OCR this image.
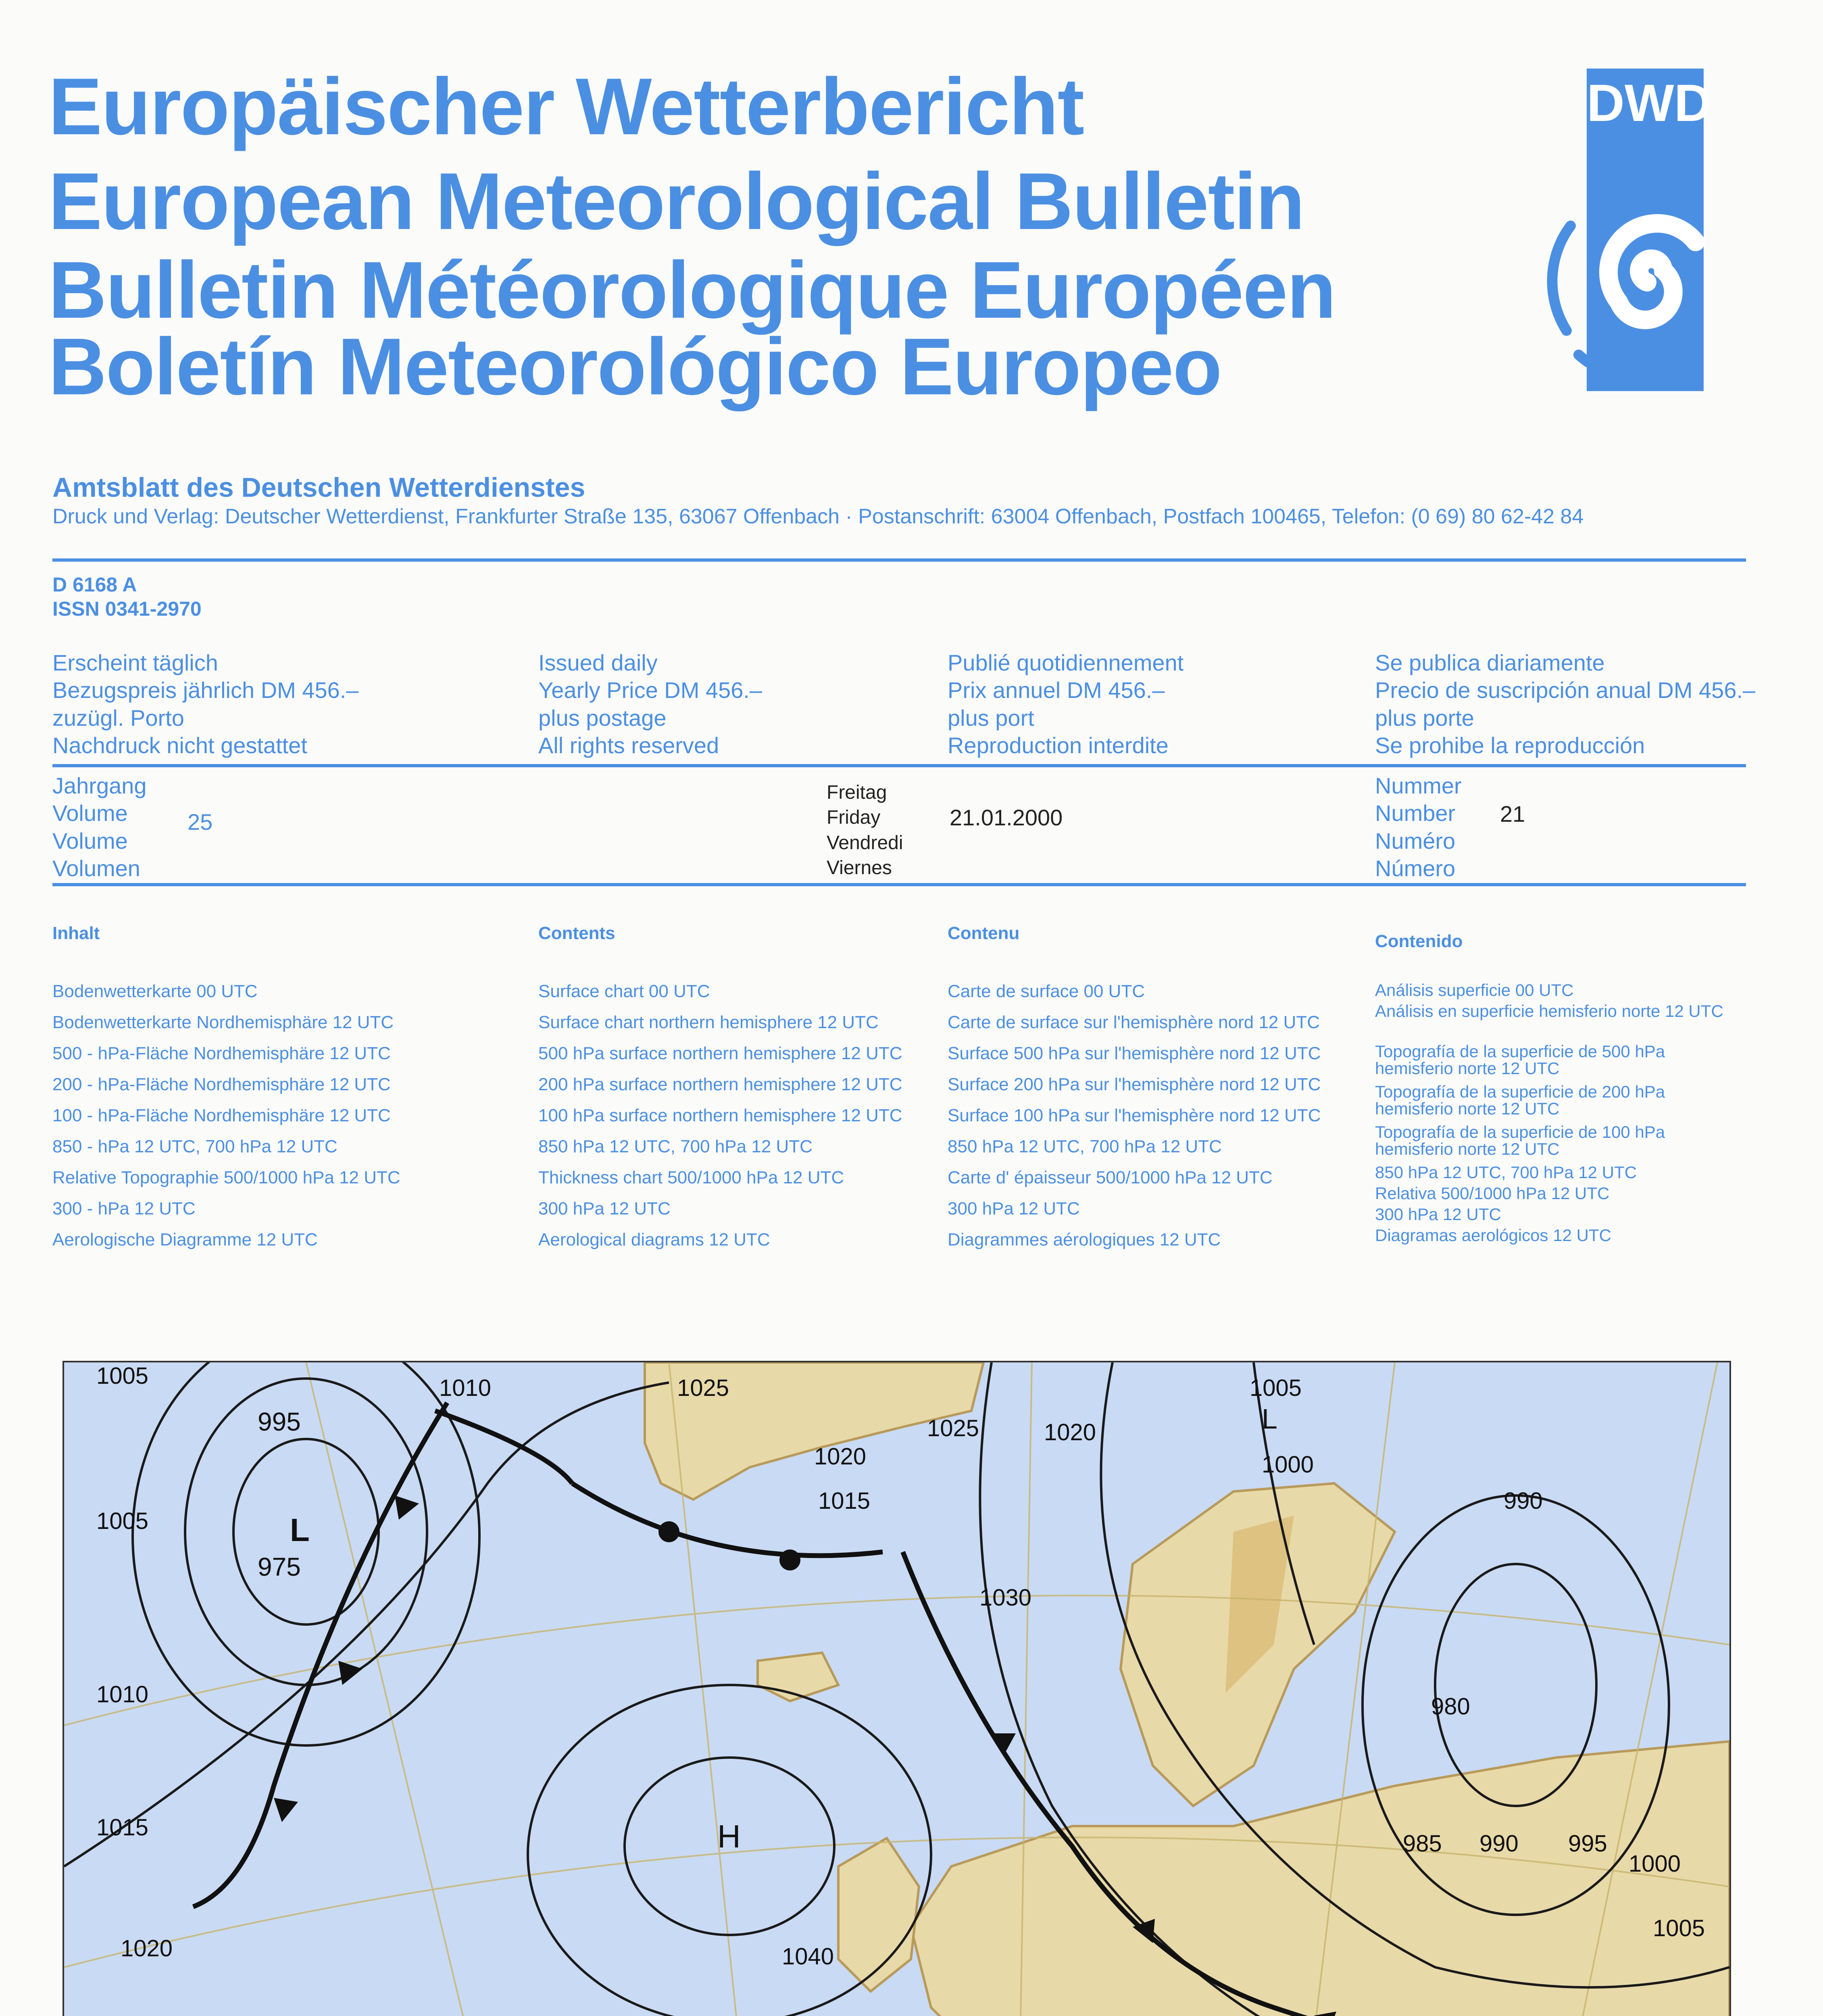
Europäischer Wetterbericht
European Meteorological Bulletin
Bulletin Météorologique Européen
Boletín Meteorológico Europeo
DWD
Amtsblatt des Deutschen Wetterdienstes
Druck und Verlag: Deutscher Wetterdienst, Frankfurter Straße 135, 63067 Offenbach · Postanschrift: 63004 Offenbach, Postfach 100465, Telefon: (0 69) 80 62-42 84
D 6168 A
ISSN 0341-2970
Erscheint täglich
Bezugspreis jährlich DM 456.–
zuzügl. Porto
Nachdruck nicht gestattet
Issued daily
Yearly Price DM 456.–
plus postage
All rights reserved
Publié quotidiennement
Prix annuel DM 456.–
plus port
Reproduction interdite
Se publica diariamente
Precio de suscripción anual DM 456.–
plus porte
Se prohibe la reproducción
Jahrgang
Volume
Volume
Volumen
25
Freitag
Friday
Vendredi
Viernes
21.01.2000
Nummer
Number
Numéro
Número
21
Inhalt
Bodenwetterkarte 00 UTC
Bodenwetterkarte Nordhemisphäre 12 UTC
500 - hPa-Fläche Nordhemisphäre 12 UTC
200 - hPa-Fläche Nordhemisphäre 12 UTC
100 - hPa-Fläche Nordhemisphäre 12 UTC
850 - hPa 12 UTC, 700 hPa 12 UTC
Relative Topographie 500/1000 hPa 12 UTC
300 - hPa 12 UTC
Aerologische Diagramme 12 UTC
Contents
Surface chart 00 UTC
Surface chart northern hemisphere 12 UTC
500 hPa surface northern hemisphere 12 UTC
200 hPa surface northern hemisphere 12 UTC
100 hPa surface northern hemisphere 12 UTC
850 hPa 12 UTC, 700 hPa 12 UTC
Thickness chart 500/1000 hPa 12 UTC
300 hPa 12 UTC
Aerological diagrams 12 UTC
Contenu
Carte de surface 00 UTC
Carte de surface sur l'hemisphère nord 12 UTC
Surface 500 hPa sur l'hemisphère nord 12 UTC
Surface 200 hPa sur l'hemisphère nord 12 UTC
Surface 100 hPa sur l'hemisphère nord 12 UTC
850 hPa 12 UTC, 700 hPa 12 UTC
Carte d' épaisseur 500/1000 hPa 12 UTC
300 hPa 12 UTC
Diagrammes aérologiques 12 UTC
Contenido
Análisis superficie 00 UTC
Análisis en superficie hemisferio norte 12 UTC
Topografía de la superficie de 500 hPa hemisferio norte 12 UTC
Topografía de la superficie de 200 hPa hemisferio norte 12 UTC
Topografía de la superficie de 100 hPa hemisferio norte 12 UTC
850 hPa 12 UTC, 700 hPa 12 UTC
Relativa 500/1000 hPa 12 UTC
300 hPa 12 UTC
Diagramas aerológicos 12 UTC
1005	1010
995
975
1005
1010
1015
1020
1025
1020
1025
1015
1030
1040
1020
1005
1000
990
980
985 990 995
1000
1005
L
H
L
